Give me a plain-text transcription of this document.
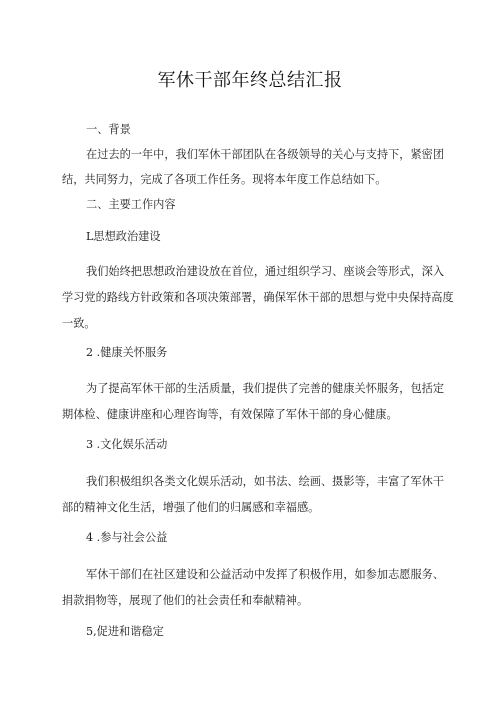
军休干部年终总结汇报
一、背景
在过去的一年中，我们军休干部团队在各级领导的关心与支持下，紧密团
结，共同努力，完成了各项工作任务。现将本年度工作总结如下。
二、主要工作内容
L思想政治建设
我们始终把思想政治建设放在首位，通过组织学习、座谈会等形式，深入
学习党的路线方针政策和各项决策部署，确保军休干部的思想与党中央保持高度
一致。
2 .健康关怀服务
为了提高军休干部的生活质量，我们提供了完善的健康关怀服务，包括定
期体检、健康讲座和心理咨询等，有效保障了军休干部的身心健康。
3 .文化娱乐活动
我们积极组织各类文化娱乐活动，如书法、绘画、摄影等，丰富了军休干
部的精神文化生活，增强了他们的归属感和幸福感。
4 .参与社会公益
军休干部们在社区建设和公益活动中发挥了积极作用，如参加志愿服务、
捐款捐物等，展现了他们的社会责任和奉献精神。
5,促进和谐稳定
